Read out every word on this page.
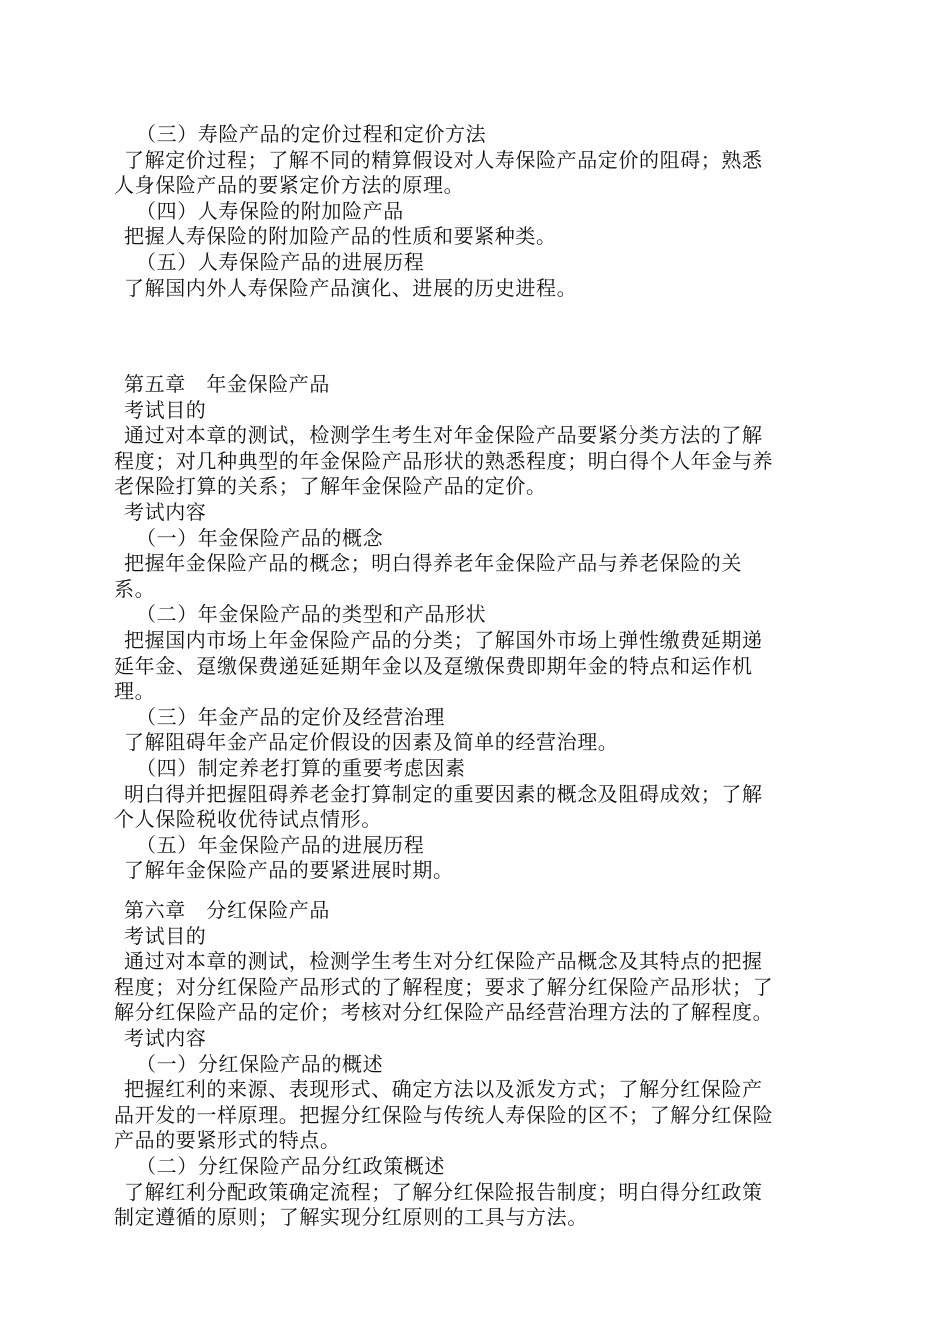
（三）寿险产品的定价过程和定价方法
了解定价过程；了解不同的精算假设对人寿保险产品定价的阻碍；熟悉
人身保险产品的要紧定价方法的原理。
（四）人寿保险的附加险产品
把握人寿保险的附加险产品的性质和要紧种类。
（五）人寿保险产品的进展历程
了解国内外人寿保险产品演化、进展的历史进程。
第五章　年金保险产品
考试目的
通过对本章的测试，检测学生考生对年金保险产品要紧分类方法的了解
程度；对几种典型的年金保险产品形状的熟悉程度；明白得个人年金与养
老保险打算的关系；了解年金保险产品的定价。
考试内容
（一）年金保险产品的概念
把握年金保险产品的概念；明白得养老年金保险产品与养老保险的关
系。
（二）年金保险产品的类型和产品形状
把握国内市场上年金保险产品的分类；了解国外市场上弹性缴费延期递
延年金、趸缴保费递延延期年金以及趸缴保费即期年金的特点和运作机
理。
（三）年金产品的定价及经营治理
了解阻碍年金产品定价假设的因素及简单的经营治理。
（四）制定养老打算的重要考虑因素
明白得并把握阻碍养老金打算制定的重要因素的概念及阻碍成效；了解
个人保险税收优待试点情形。
（五）年金保险产品的进展历程
了解年金保险产品的要紧进展时期。
第六章　分红保险产品
考试目的
通过对本章的测试，检测学生考生对分红保险产品概念及其特点的把握
程度；对分红保险产品形式的了解程度；要求了解分红保险产品形状；了
解分红保险产品的定价；考核对分红保险产品经营治理方法的了解程度。
考试内容
（一）分红保险产品的概述
把握红利的来源、表现形式、确定方法以及派发方式；了解分红保险产
品开发的一样原理。把握分红保险与传统人寿保险的区不；了解分红保险
产品的要紧形式的特点。
（二）分红保险产品分红政策概述
了解红利分配政策确定流程；了解分红保险报告制度；明白得分红政策
制定遵循的原则；了解实现分红原则的工具与方法。
